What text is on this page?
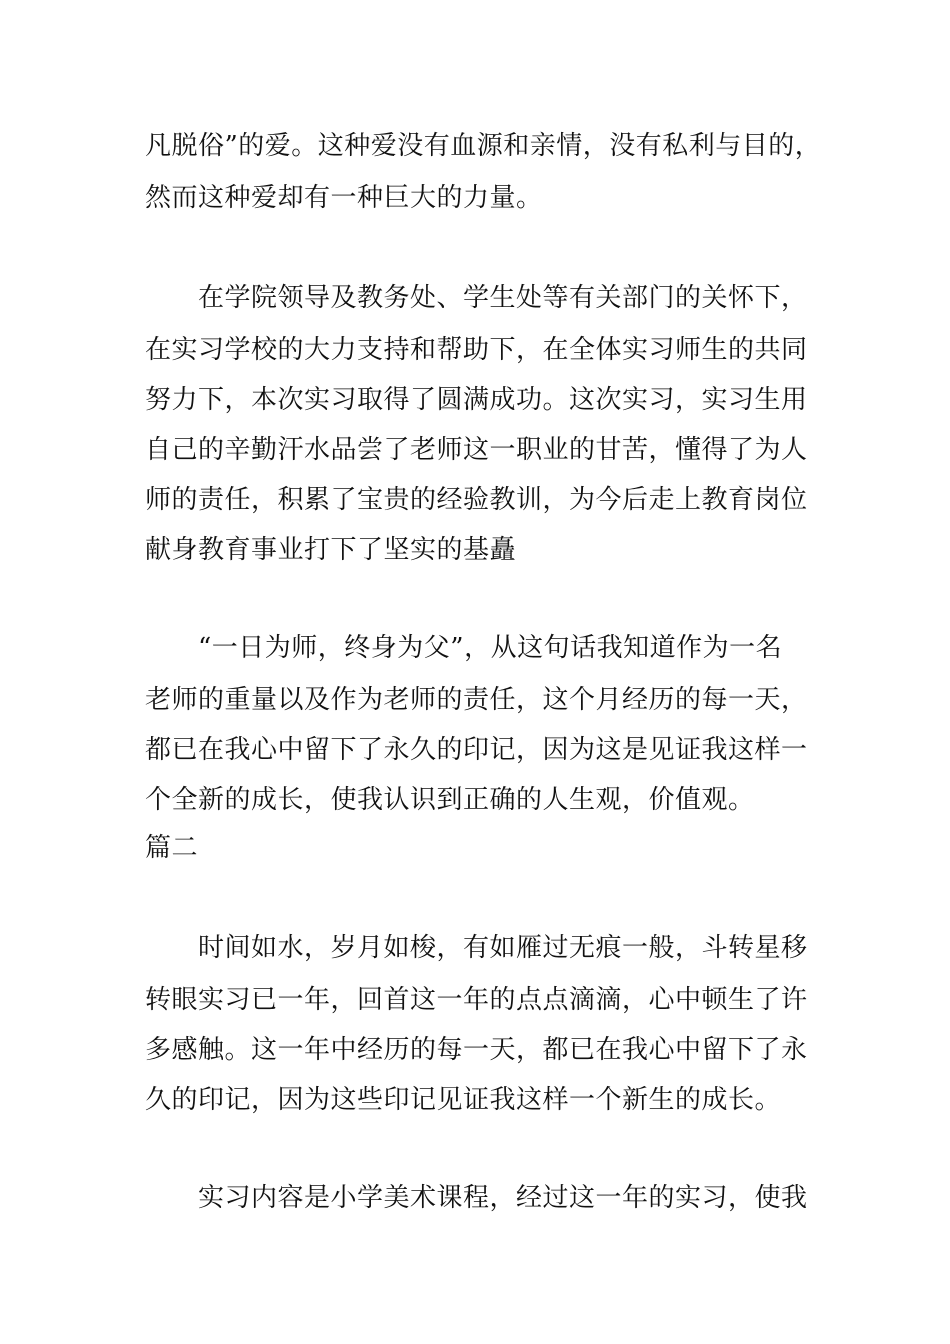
凡脱俗”的爱。这种爱没有血源和亲情，没有私利与目的，
然而这种爱却有一种巨大的力量。
在学院领导及教务处、学生处等有关部门的关怀下，
在实习学校的大力支持和帮助下，在全体实习师生的共同
努力下，本次实习取得了圆满成功。这次实习，实习生用
自己的辛勤汗水品尝了老师这一职业的甘苦，懂得了为人
师的责任，积累了宝贵的经验教训，为今后走上教育岗位
献身教育事业打下了坚实的基矗
“一日为师，终身为父”，从这句话我知道作为一名
老师的重量以及作为老师的责任，这个月经历的每一天，
都已在我心中留下了永久的印记，因为这是见证我这样一
个全新的成长，使我认识到正确的人生观，价值观。
篇二
时间如水，岁月如梭，有如雁过无痕一般，斗转星移
转眼实习已一年，回首这一年的点点滴滴，心中顿生了许
多感触。这一年中经历的每一天，都已在我心中留下了永
久的印记，因为这些印记见证我这样一个新生的成长。
实习内容是小学美术课程，经过这一年的实习，使我
